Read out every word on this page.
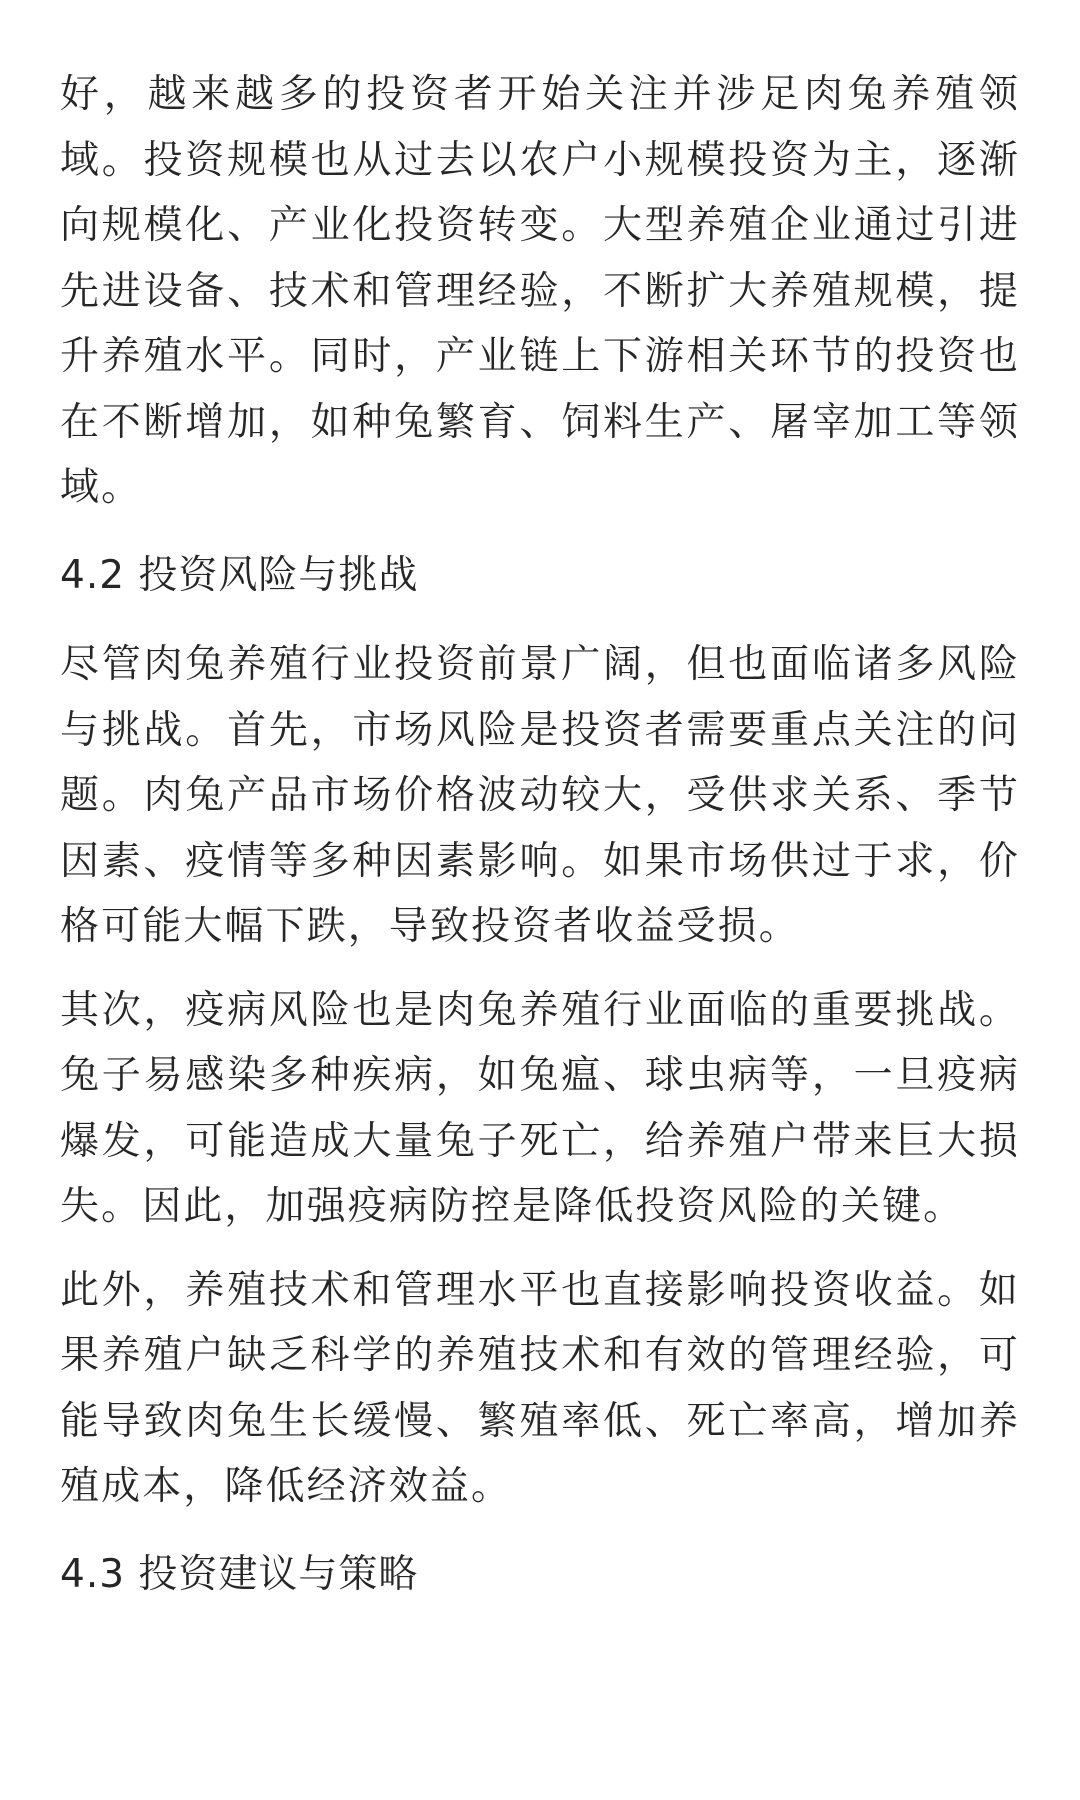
好，越来越多的投资者开始关注并涉足肉兔养殖领域。投资规模也从过去以农户小规模投资为主，逐渐向规模化、产业化投资转变。大型养殖企业通过引进先进设备、技术和管理经验，不断扩大养殖规模，提升养殖水平。同时，产业链上下游相关环节的投资也在不断增加，如种兔繁育、饲料生产、屠宰加工等领域。

4.2 投资风险与挑战

尽管肉兔养殖行业投资前景广阔，但也面临诸多风险与挑战。首先，市场风险是投资者需要重点关注的问题。肉兔产品市场价格波动较大，受供求关系、季节因素、疫情等多种因素影响。如果市场供过于求，价格可能大幅下跌，导致投资者收益受损。

其次，疫病风险也是肉兔养殖行业面临的重要挑战。兔子易感染多种疾病，如兔瘟、球虫病等，一旦疫病爆发，可能造成大量兔子死亡，给养殖户带来巨大损失。因此，加强疫病防控是降低投资风险的关键。

此外，养殖技术和管理水平也直接影响投资收益。如果养殖户缺乏科学的养殖技术和有效的管理经验，可能导致肉兔生长缓慢、繁殖率低、死亡率高，增加养殖成本，降低经济效益。

4.3 投资建议与策略
